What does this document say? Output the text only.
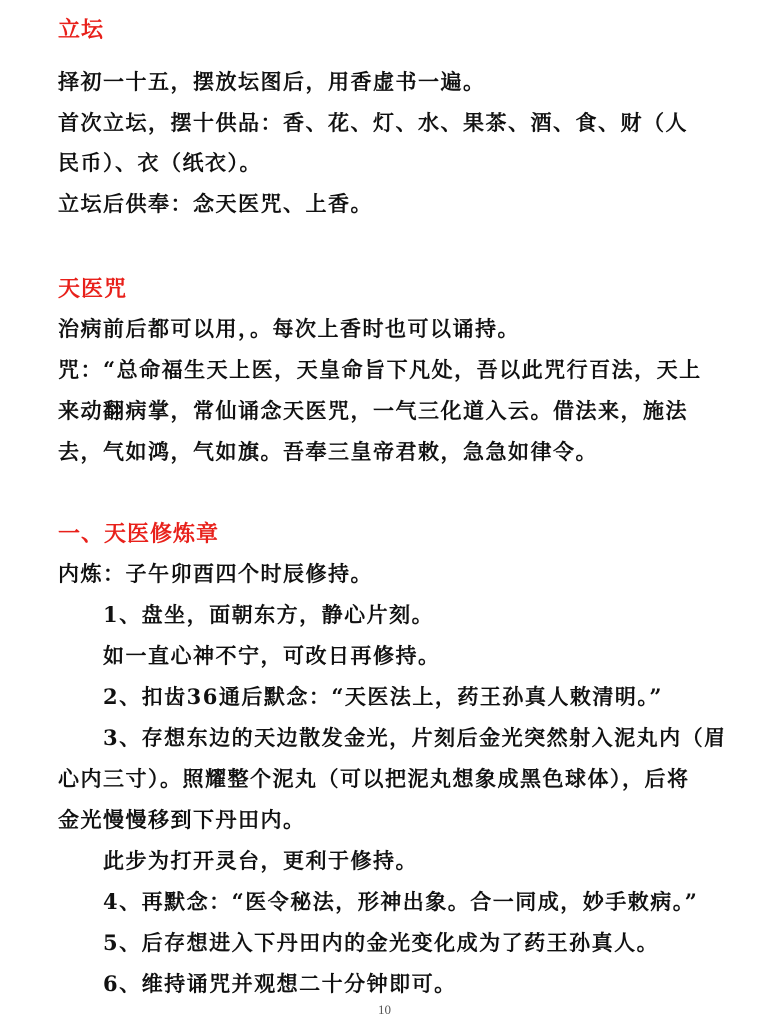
立坛
择初一十五，摆放坛图后，用香虚书一遍。
首次立坛，摆十供品：香、花、灯、水、果茶、酒、食、财（人
民币）、衣（纸衣）。
立坛后供奉：念天医咒、上香。
天医咒
治病前后都可以用，。每次上香时也可以诵持。
咒：“总命福生天上医，天皇命旨下凡处，吾以此咒行百法，天上
来动翻病掌，常仙诵念天医咒，一气三化道入云。借法来，施法
去，气如鸿，气如旗。吾奉三皇帝君敕，急急如律令。
一、天医修炼章
内炼：子午卯酉四个时辰修持。
1、盘坐，面朝东方，静心片刻。
如一直心神不宁，可改日再修持。
2、扣齿36通后默念：“天医法上，药王孙真人敕清明。”
3、存想东边的天边散发金光，片刻后金光突然射入泥丸内（眉
心内三寸）。照耀整个泥丸（可以把泥丸想象成黑色球体），后将
金光慢慢移到下丹田内。
此步为打开灵台，更利于修持。
4、再默念：“医令秘法，形神出象。合一同成，妙手敕病。”
5、后存想进入下丹田内的金光变化成为了药王孙真人。
6、维持诵咒并观想二十分钟即可。
10
